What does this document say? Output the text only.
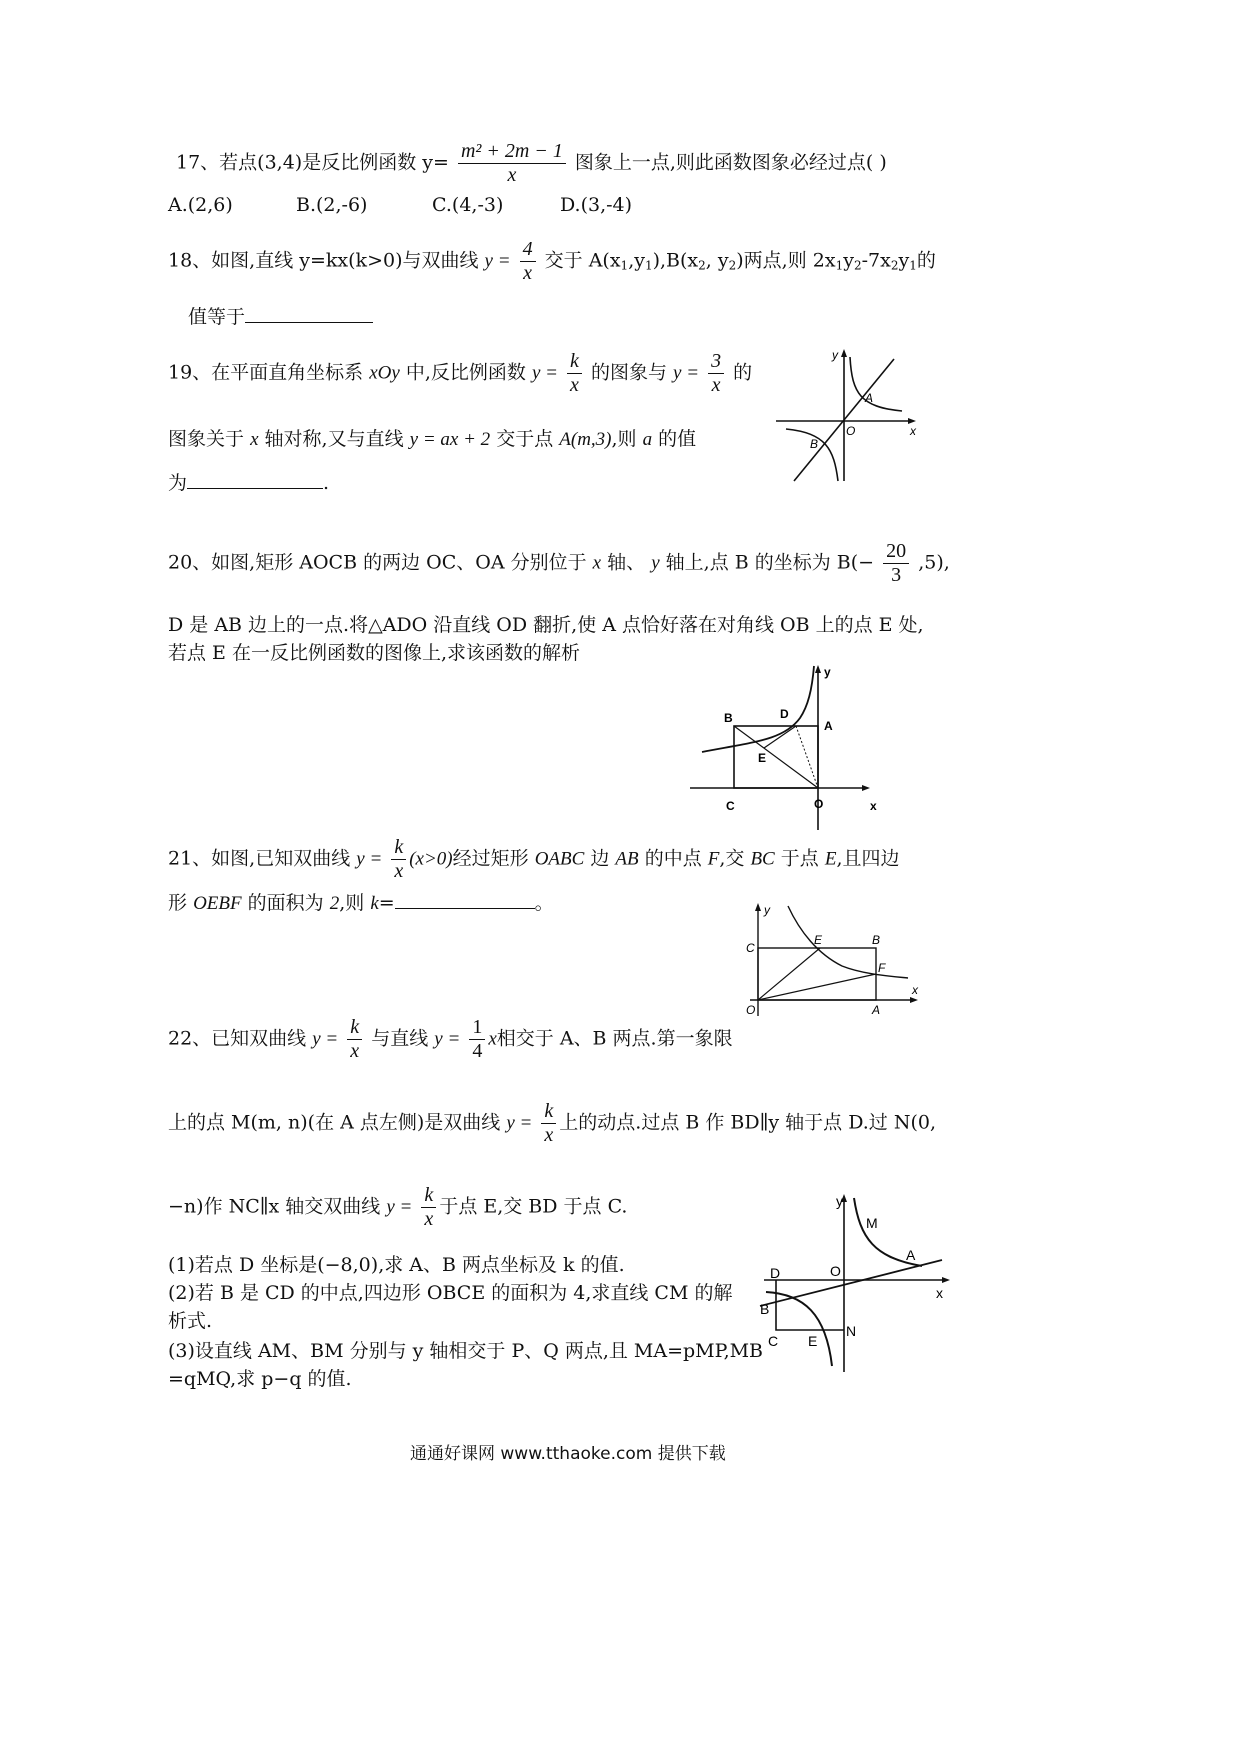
17、若点(3,4)是反比例函数 $y= \frac{\text{m² + 2m − 1}}{x}$ 图象上一点,则此函数图象必经过点( )
A.(2,6)	B.(2,-6)	C.(4,-3)	D.(3,-4)
18、如图,直线 y=kx(k>0)与双曲线 $y = \frac{4}{x}$ 交于 $A(x_1,y_1),B(x_2$, $y_2$)两点,则 $2x_1y_2-7x_2y_1$的
值等于
19、在平面直角坐标系 xOy 中,反比例函数 $y = \frac{k}{x}$ 的图象与 $y = \frac{3}{x}$ 的
图象关于 x 轴对称,又与直线 y = ax + 2 交于点 A(m,3),则 a 的值
为	.
y
x
O
A
B
20、如图,矩形 AOCB 的两边 OC、OA 分别位于 x 轴、 y 轴上,点 B 的坐标为 $B(- \frac{20}{3} ,5)$,
D 是 AB 边上的一点.将△ADO 沿直线 OD 翻折,使 A 点恰好落在对角线 OB 上的点 E 处,
若点 E 在一反比例函数的图像上,求该函数的解析
B	D
A
E
C	O	x
y
21、如图,已知双曲线 $y = \frac{k}{x} (x>0)$经过矩形 OABC 边 AB 的中点 F,交 BC 于点 E,且四边
形 OEBF 的面积为 2,则 k=	。	y
x
C
E	B
F
O	A
22、已知双曲线 $y = \frac{k}{x}$ 与直线 $y = \frac{1}{4}$ x相交于 A、B 两点.第一象限
上的点 M(m, n)(在 A 点左侧)是双曲线 $y = \frac{k}{x}$ 上的动点.过点 B 作 BD∥y 轴于点 D.过 N(0,
−n)作 NC∥x 轴交双曲线 $y = \frac{k}{x}$ 于点 E,交 BD 于点 C.
(1)若点 D 坐标是(−8,0),求 A、B 两点坐标及 k 的值.
(2)若 B 是 CD 的中点,四边形 OBCE 的面积为 4,求直线 CM 的解
析式.
(3)设直线 AM、BM 分别与 y 轴相交于 P、Q 两点,且 MA=pMP,MB
=qMQ,求 p−q 的值.
y
x
M
A
D	O
B
N
C E
通通好课网 www.tthaoke.com 提供下载
